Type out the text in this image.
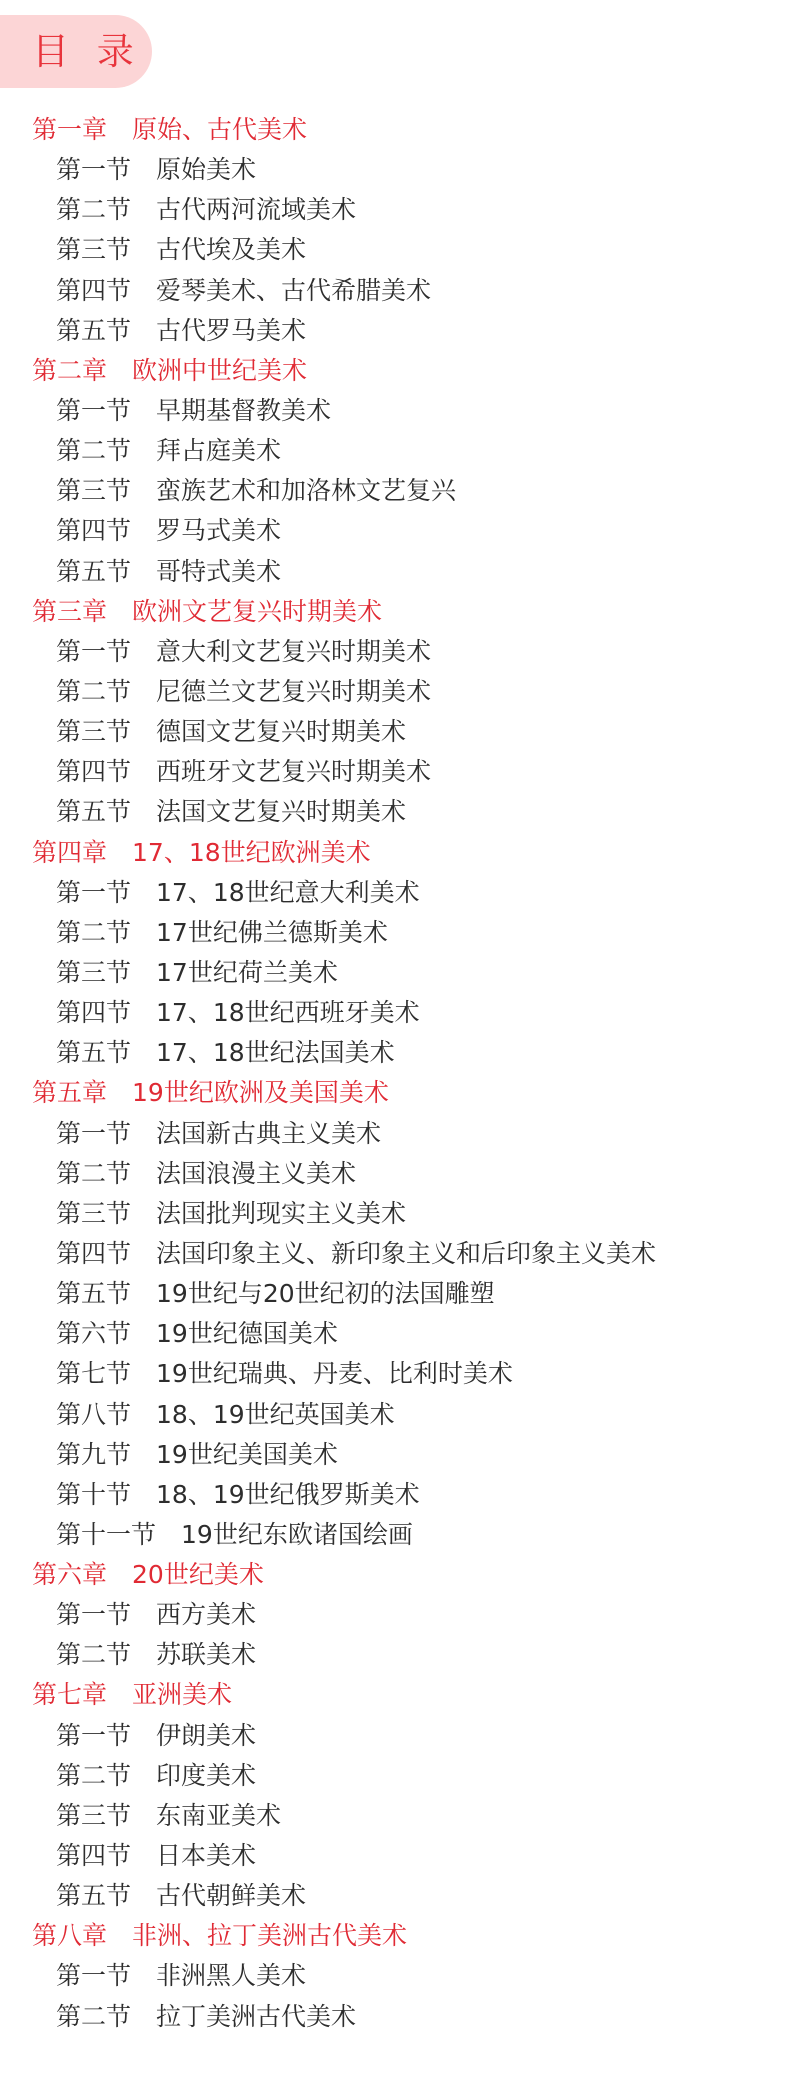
目 录
第一章 原始、古代美术
第一节 原始美术
第二节 古代两河流域美术
第三节 古代埃及美术
第四节 爱琴美术、古代希腊美术
第五节 古代罗马美术
第二章 欧洲中世纪美术
第一节 早期基督教美术
第二节 拜占庭美术
第三节 蛮族艺术和加洛林文艺复兴
第四节 罗马式美术
第五节 哥特式美术
第三章 欧洲文艺复兴时期美术
第一节 意大利文艺复兴时期美术
第二节 尼德兰文艺复兴时期美术
第三节 德国文艺复兴时期美术
第四节 西班牙文艺复兴时期美术
第五节 法国文艺复兴时期美术
第四章 17、18世纪欧洲美术
第一节 17、18世纪意大利美术
第二节 17世纪佛兰德斯美术
第三节 17世纪荷兰美术
第四节 17、18世纪西班牙美术
第五节 17、18世纪法国美术
第五章 19世纪欧洲及美国美术
第一节 法国新古典主义美术
第二节 法国浪漫主义美术
第三节 法国批判现实主义美术
第四节 法国印象主义、新印象主义和后印象主义美术
第五节 19世纪与20世纪初的法国雕塑
第六节 19世纪德国美术
第七节 19世纪瑞典、丹麦、比利时美术
第八节 18、19世纪英国美术
第九节 19世纪美国美术
第十节 18、19世纪俄罗斯美术
第十一节 19世纪东欧诸国绘画
第六章 20世纪美术
第一节 西方美术
第二节 苏联美术
第七章 亚洲美术
第一节 伊朗美术
第二节 印度美术
第三节 东南亚美术
第四节 日本美术
第五节 古代朝鲜美术
第八章 非洲、拉丁美洲古代美术
第一节 非洲黑人美术
第二节 拉丁美洲古代美术
